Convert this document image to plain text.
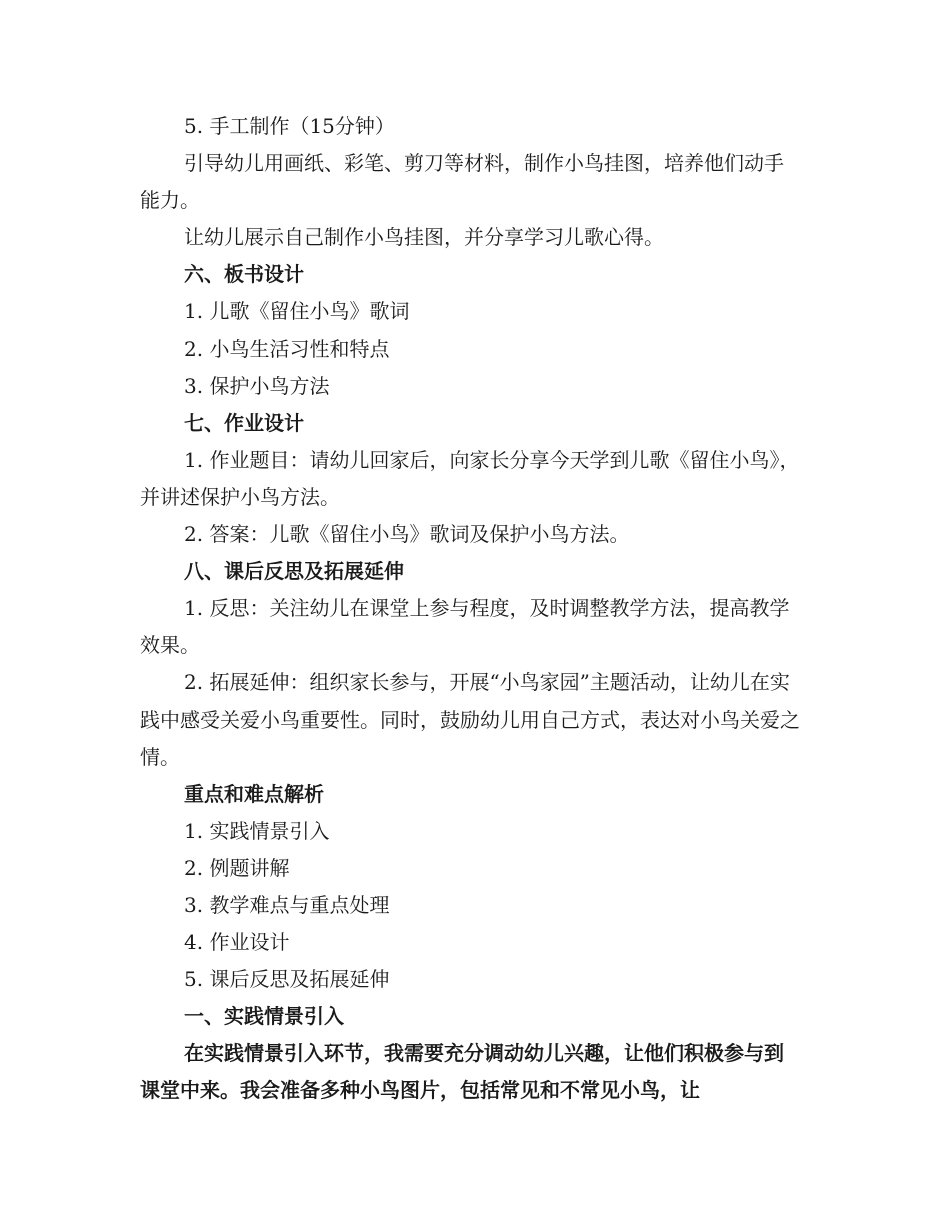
5. 手工制作（15分钟）

引导幼儿用画纸、彩笔、剪刀等材料，制作小鸟挂图，培养他们动手能力。

让幼儿展示自己制作小鸟挂图，并分享学习儿歌心得。

六、板书设计

1. 儿歌《留住小鸟》歌词

2. 小鸟生活习性和特点

3. 保护小鸟方法

七、作业设计

1. 作业题目：请幼儿回家后，向家长分享今天学到儿歌《留住小鸟》，并讲述保护小鸟方法。

2. 答案：儿歌《留住小鸟》歌词及保护小鸟方法。

八、课后反思及拓展延伸

1. 反思：关注幼儿在课堂上参与程度，及时调整教学方法，提高教学效果。

2. 拓展延伸：组织家长参与，开展“小鸟家园”主题活动，让幼儿在实践中感受关爱小鸟重要性。同时，鼓励幼儿用自己方式，表达对小鸟关爱之情。

重点和难点解析

1. 实践情景引入

2. 例题讲解

3. 教学难点与重点处理

4. 作业设计

5. 课后反思及拓展延伸

一、实践情景引入

在实践情景引入环节，我需要充分调动幼儿兴趣，让他们积极参与到课堂中来。我会准备多种小鸟图片，包括常见和不常见小鸟，让
